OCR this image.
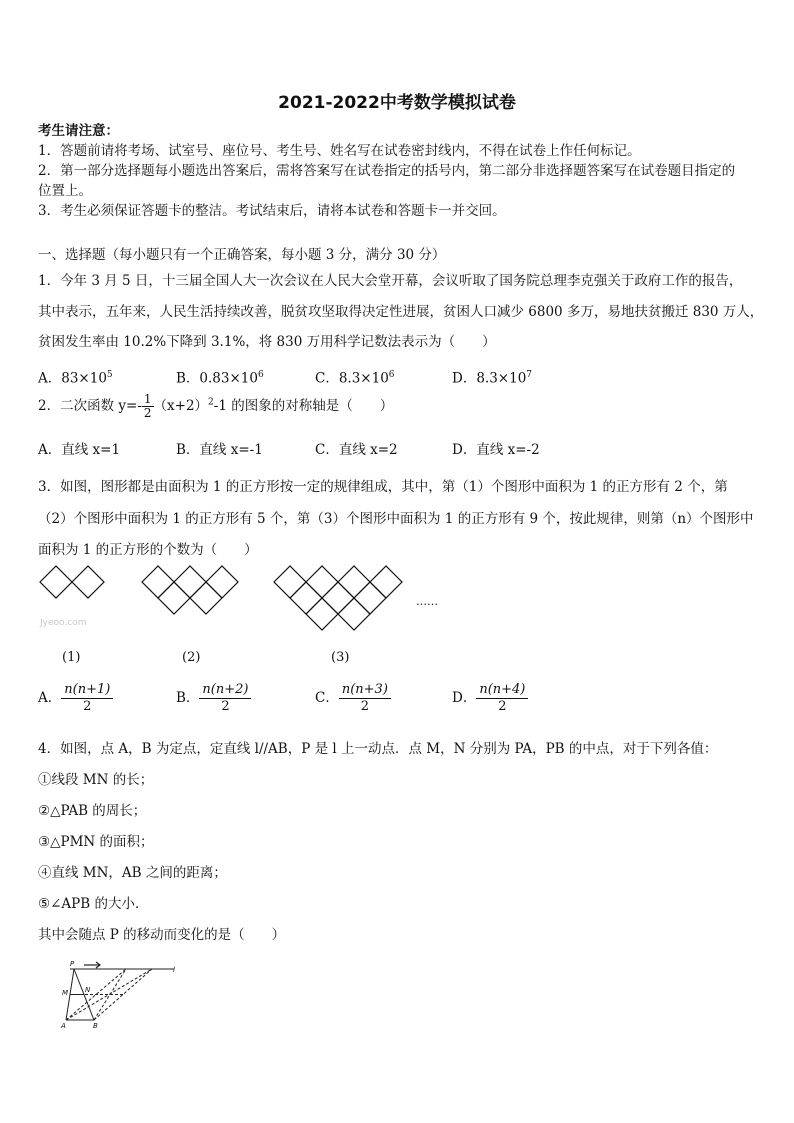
2021-2022中考数学模拟试卷
考生请注意：
1．答题前请将考场、试室号、座位号、考生号、姓名写在试卷密封线内，不得在试卷上作任何标记。
2．第一部分选择题每小题选出答案后，需将答案写在试卷指定的括号内，第二部分非选择题答案写在试卷题目指定的
位置上。
3．考生必须保证答题卡的整洁。考试结束后，请将本试卷和答题卡一并交回。
一、选择题（每小题只有一个正确答案，每小题 3 分，满分 30 分）
1．今年 3 月 5 日，十三届全国人大一次会议在人民大会堂开幕，会议听取了国务院总理李克强关于政府工作的报告，
其中表示，五年来，人民生活持续改善，脱贫攻坚取得决定性进展，贫困人口减少 6800 多万，易地扶贫搬迁 830 万人，
贫困发生率由 10.2%下降到 3.1%，将 830 万用科学记数法表示为（　　）
A．$83\times 10^5$	B．$0.83\times 10^6$	C．$8.3\times 10^6$	D．$8.3\times 10^7$
2．二次函数 $y=- \frac{1}{2} (x+2)^2-1$ 的图象的对称轴是（　　）
A．直线 x=1	B．直线 x=-1	C．直线 x=2	D．直线 x=-2
3．如图，图形都是由面积为 1 的正方形按一定的规律组成，其中，第（1）个图形中面积为 1 的正方形有 2 个，第
（2）个图形中面积为 1 的正方形有 5 个，第（3）个图形中面积为 1 的正方形有 9 个，按此规律，则第（n）个图形中
面积为 1 的正方形的个数为（　　）
……
Jyeoo.com
(1)	(2)	(3)
A． $\frac{n(n+1)}{2}$	B． $\frac{n(n+2)}{2}$	C． $\frac{n(n+3)}{2}$	D． $\frac{n(n+4)}{2}$
4．如图，点 A，B 为定点，定直线 l//AB，P 是 l 上一动点．点 M，N 分别为 PA，PB 的中点，对于下列各值：
①线段 MN 的长；
②△PAB 的周长；
③△PMN 的面积；
④直线 MN，AB 之间的距离；
⑤∠APB 的大小．
其中会随点 P 的移动而变化的是（　　）
P
M N
A	B
l
